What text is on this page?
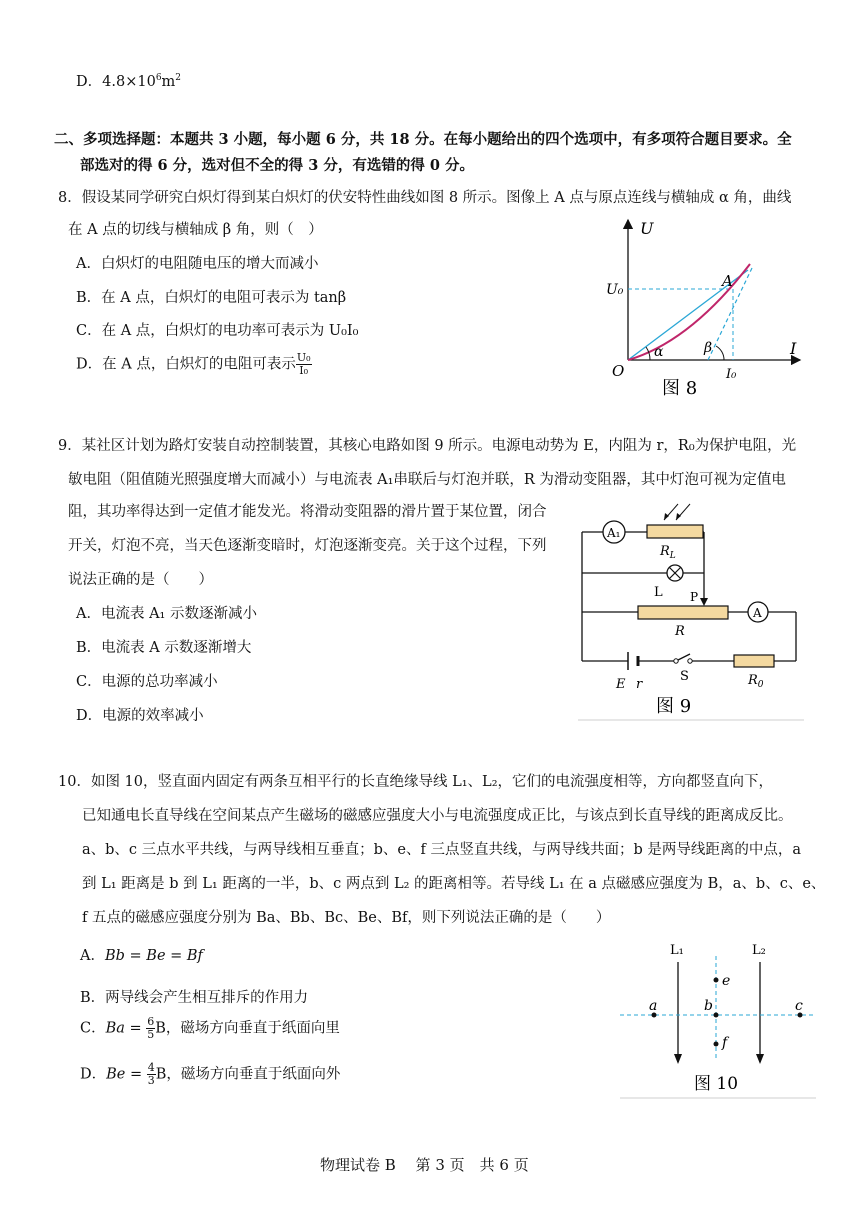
D．$4.8\times 10^6m^2$
二、多项选择题：本题共 3 小题，每小题 6 分，共 18 分。在每小题给出的四个选项中，有多项符合题目要求。全
部选对的得 6 分，选对但不全的得 3 分，有选错的得 0 分。
8．假设某同学研究白炽灯得到某白炽灯的伏安特性曲线如图 8 所示。图像上 A 点与原点连线与横轴成 α 角，曲线
在 A 点的切线与横轴成 β 角，则（　）
A．白炽灯的电阻随电压的增大而减小
B．在 A 点，白炽灯的电阻可表示为 tanβ
C．在 A 点，白炽灯的电功率可表示为 U₀I₀
D．在 A 点，白炽灯的电阻可表示 $\frac{\text{U₀}}{\text{I₀}}$
U
I
O
A
U₀
I₀
α	β
图 8
9．某社区计划为路灯安装自动控制装置，其核心电路如图 9 所示。电源电动势为 E，内阻为 r，R₀为保护电阻，光
敏电阻（阻值随光照强度增大而减小）与电流表 A₁串联后与灯泡并联，R 为滑动变阻器，其中灯泡可视为定值电
阻，其功率得达到一定值才能发光。将滑动变阻器的滑片置于某位置，闭合
开关，灯泡不亮，当天色逐渐变暗时，灯泡逐渐变亮。关于这个过程，下列
说法正确的是（　　）
A．电流表 A₁ 示数逐渐减小
B．电流表 A 示数逐渐增大
C．电源的总功率减小
D．电源的效率减小
A₁
$R_L$
L P
R
A
E r
S	$R_0$
图 9
10．如图 10，竖直面内固定有两条互相平行的长直绝缘导线 L₁、L₂，它们的电流强度相等，方向都竖直向下，
已知通电长直导线在空间某点产生磁场的磁感应强度大小与电流强度成正比，与该点到长直导线的距离成反比。
a、b、c 三点水平共线，与两导线相互垂直；b、e、f 三点竖直共线，与两导线共面；b 是两导线距离的中点，a
到 L₁ 距离是 b 到 L₁ 距离的一半，b、c 两点到 L₂ 的距离相等。若导线 L₁ 在 a 点磁感应强度为 B，a、b、c、e、
f 五点的磁感应强度分别为 Ba、Bb、Bc、Be、Bf，则下列说法正确的是（　　）
A．Bb = Be = Bf
B．两导线会产生相互排斥的作用力
C．$Ba = \frac{6}{5}$ B，磁场方向垂直于纸面向里
D．$Be = \frac{4}{3}$ B，磁场方向垂直于纸面向外
L₁	L₂
a	b	c
e
f
图 10
物理试卷 B　 第 3 页　共 6 页
